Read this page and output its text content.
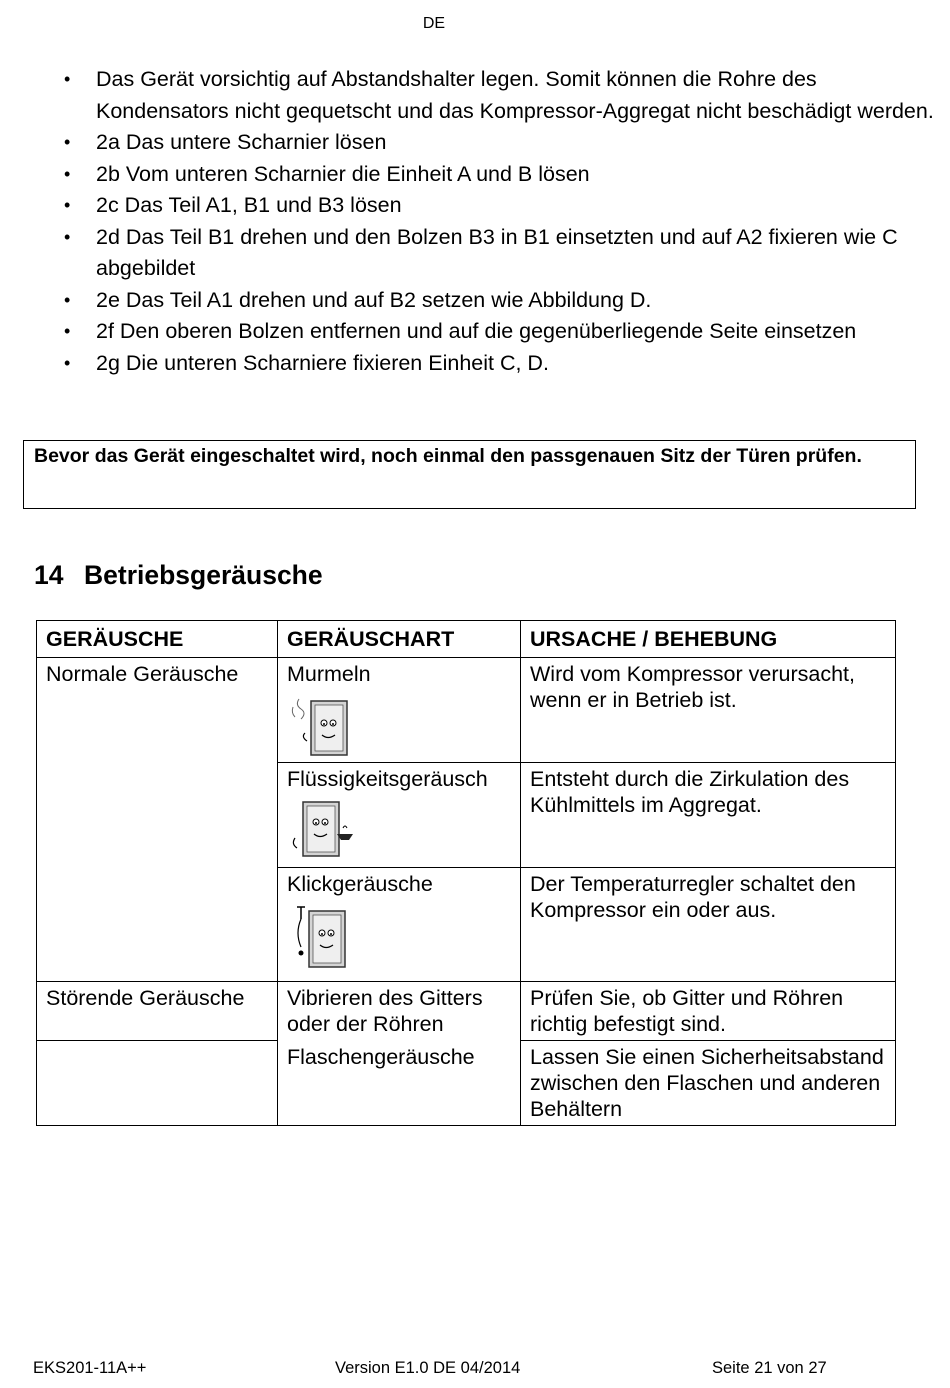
DE
• Das Gerät vorsichtig auf Abstandshalter legen. Somit können die Rohre des Kondensators nicht gequetscht und das Kompressor-Aggregat nicht beschädigt werden.
• 2a Das untere Scharnier lösen
• 2b Vom unteren Scharnier die Einheit A und B lösen
• 2c Das Teil A1, B1 und B3 lösen
• 2d Das Teil B1 drehen und den Bolzen B3 in B1 einsetzten und auf A2 fixieren wie C abgebildet
• 2e Das Teil A1 drehen und auf B2 setzen wie Abbildung D.
• 2f Den oberen Bolzen entfernen und auf die gegenüberliegende Seite einsetzen
• 2g Die unteren Scharniere fixieren Einheit C, D.
Bevor das Gerät eingeschaltet wird, noch einmal den passgenauen Sitz der Türen prüfen.
14 Betriebsgeräusche
GERÄUSCHE	GERÄUSCHART	URSACHE / BEHEBUNG
Normale Geräusche	Murmeln	Wird vom Kompressor verursacht, wenn er in Betrieb ist.
	Flüssigkeitsgeräusch	Entsteht durch die Zirkulation des Kühlmittels im Aggregat.
	Klickgeräusche	Der Temperaturregler schaltet den Kompressor ein oder aus.
Störende Geräusche	Vibrieren des Gitters oder der Röhren	Prüfen Sie, ob Gitter und Röhren richtig befestigt sind.
	Flaschengeräusche	Lassen Sie einen Sicherheitsabstand zwischen den Flaschen und anderen Behältern
EKS201-11A++	Version E1.0 DE 04/2014	Seite 21 von 27
